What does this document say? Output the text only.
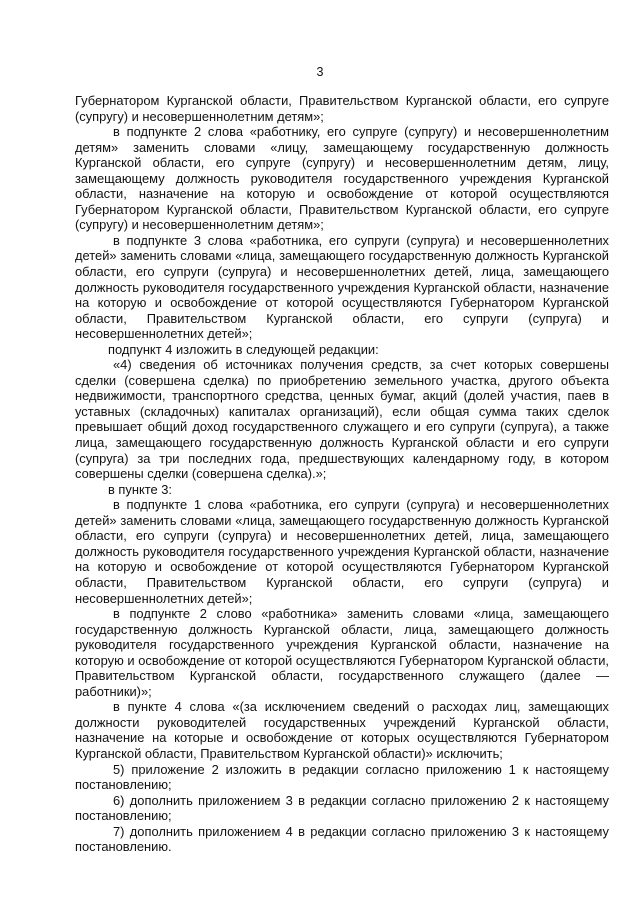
3

Губернатором Курганской области, Правительством Курганской области, его супруге (супругу) и несовершеннолетним детям»;

в подпункте 2 слова «работнику, его супруге (супругу) и несовершеннолетним детям» заменить словами «лицу, замещающему государственную должность Курганской области, его супруге (супругу) и несовершеннолетним детям, лицу, замещающему должность руководителя государственного учреждения Курганской области, назначение на которую и освобождение от которой осуществляются Губернатором Курганской области, Правительством Курганской области, его супруге (супругу) и несовершеннолетним детям»;

в подпункте 3 слова «работника, его супруги (супруга) и несовершеннолетних детей» заменить словами «лица, замещающего государственную должность Курганской области, его супруги (супруга) и несовершеннолетних детей, лица, замещающего должность руководителя государственного учреждения Курганской области, назначение на которую и освобождение от которой осуществляются Губернатором Курганской области, Правительством Курганской области, его супруги (супруга) и несовершеннолетних детей»;

подпункт 4 изложить в следующей редакции:

«4) сведения об источниках получения средств, за счет которых совершены сделки (совершена сделка) по приобретению земельного участка, другого объекта недвижимости, транспортного средства, ценных бумаг, акций (долей участия, паев в уставных (складочных) капиталах организаций), если общая сумма таких сделок превышает общий доход государственного служащего и его супруги (супруга), а также лица, замещающего государственную должность Курганской области и его супруги (супруга) за три последних года, предшествующих календарному году, в котором совершены сделки (совершена сделка).»;

в пункте 3:

в подпункте 1 слова «работника, его супруги (супруга) и несовершеннолетних детей» заменить словами «лица, замещающего государственную должность Курганской области, его супруги (супруга) и несовершеннолетних детей, лица, замещающего должность руководителя государственного учреждения Курганской области, назначение на которую и освобождение от которой осуществляются Губернатором Курганской области, Правительством Курганской области, его супруги (супруга) и несовершеннолетних детей»;

в подпункте 2 слово «работника» заменить словами «лица, замещающего государственную должность Курганской области, лица, замещающего должность руководителя государственного учреждения Курганской области, назначение на которую и освобождение от которой осуществляются Губернатором Курганской области, Правительством Курганской области, государственного служащего (далее — работники)»;

в пункте 4 слова «(за исключением сведений о расходах лиц, замещающих должности руководителей государственных учреждений Курганской области, назначение на которые и освобождение от которых осуществляются Губернатором Курганской области, Правительством Курганской области)» исключить;

5) приложение 2 изложить в редакции согласно приложению 1 к настоящему постановлению;

6) дополнить приложением 3 в редакции согласно приложению 2 к настоящему постановлению;

7) дополнить приложением 4 в редакции согласно приложению 3 к настоящему постановлению.
